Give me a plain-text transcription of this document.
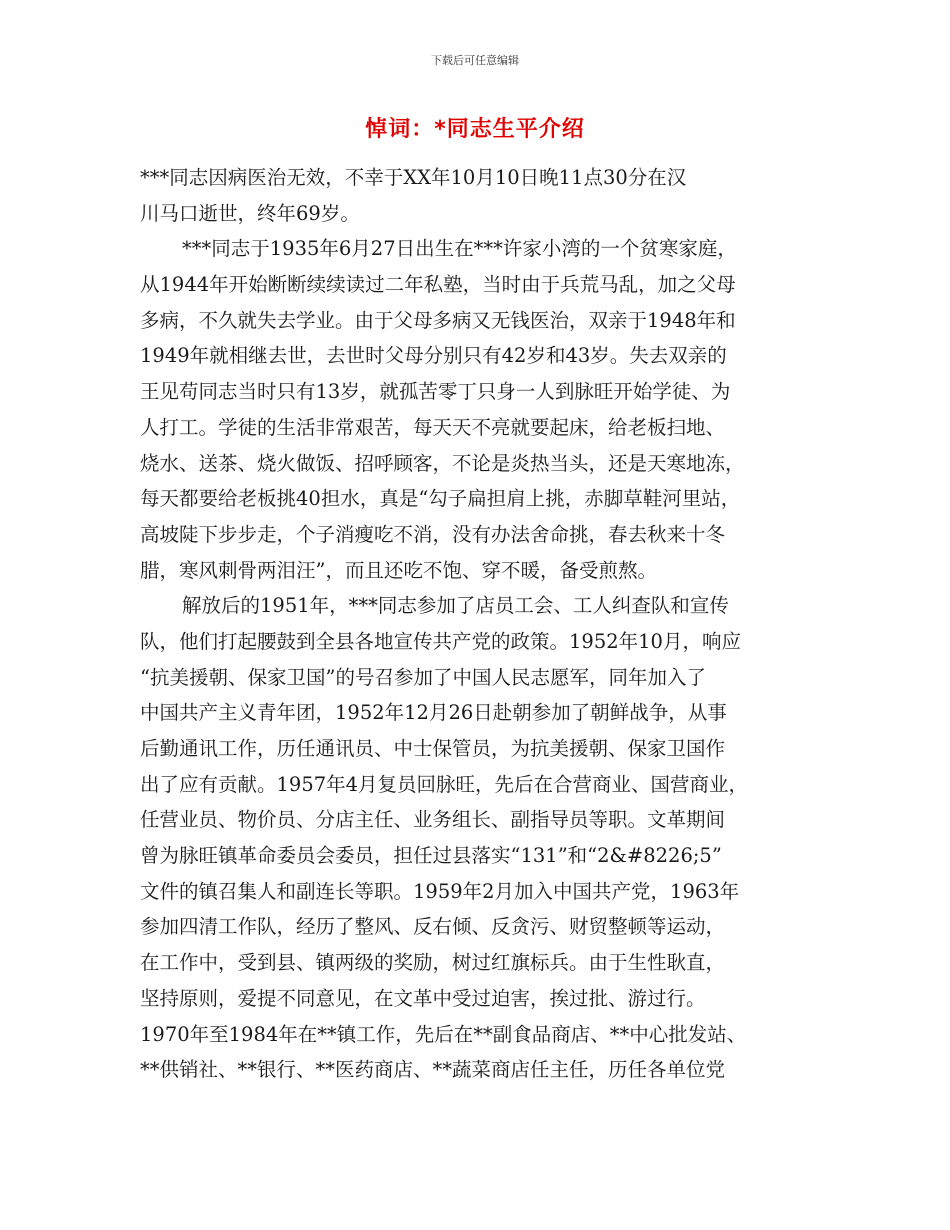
下载后可任意编辑
悼词：*同志生平介绍
***同志因病医治无效，不幸于XX年10月10日晚11点30分在汉
川马口逝世，终年69岁。
***同志于1935年6月27日出生在***许家小湾的一个贫寒家庭，
从1944年开始断断续续读过二年私塾，当时由于兵荒马乱，加之父母
多病，不久就失去学业。由于父母多病又无钱医治，双亲于1948年和
1949年就相继去世，去世时父母分别只有42岁和43岁。失去双亲的
王见苟同志当时只有13岁，就孤苦零丁只身一人到脉旺开始学徒、为
人打工。学徒的生活非常艰苦，每天天不亮就要起床，给老板扫地、
烧水、送茶、烧火做饭、招呼顾客，不论是炎热当头，还是天寒地冻，
每天都要给老板挑40担水，真是“勾子扁担肩上挑，赤脚草鞋河里站，
高坡陡下步步走，个子消瘦吃不消，没有办法舍命挑，春去秋来十冬
腊，寒风刺骨两泪汪”，而且还吃不饱、穿不暖，备受煎熬。
解放后的1951年，***同志参加了店员工会、工人纠查队和宣传
队，他们打起腰鼓到全县各地宣传共产党的政策。1952年10月，响应
“抗美援朝、保家卫国”的号召参加了中国人民志愿军，同年加入了
中国共产主义青年团，1952年12月26日赴朝参加了朝鲜战争，从事
后勤通讯工作，历任通讯员、中士保管员，为抗美援朝、保家卫国作
出了应有贡献。1957年4月复员回脉旺，先后在合营商业、国营商业，
任营业员、物价员、分店主任、业务组长、副指导员等职。文革期间
曾为脉旺镇革命委员会委员，担任过县落实“131”和“2&#8226;5”
文件的镇召集人和副连长等职。1959年2月加入中国共产党，1963年
参加四清工作队，经历了整风、反右倾、反贪污、财贸整顿等运动，
在工作中，受到县、镇两级的奖励，树过红旗标兵。由于生性耿直，
坚持原则，爱提不同意见，在文革中受过迫害，挨过批、游过行。
1970年至1984年在**镇工作，先后在**副食品商店、**中心批发站、
**供销社、**银行、**医药商店、**蔬菜商店任主任，历任各单位党
